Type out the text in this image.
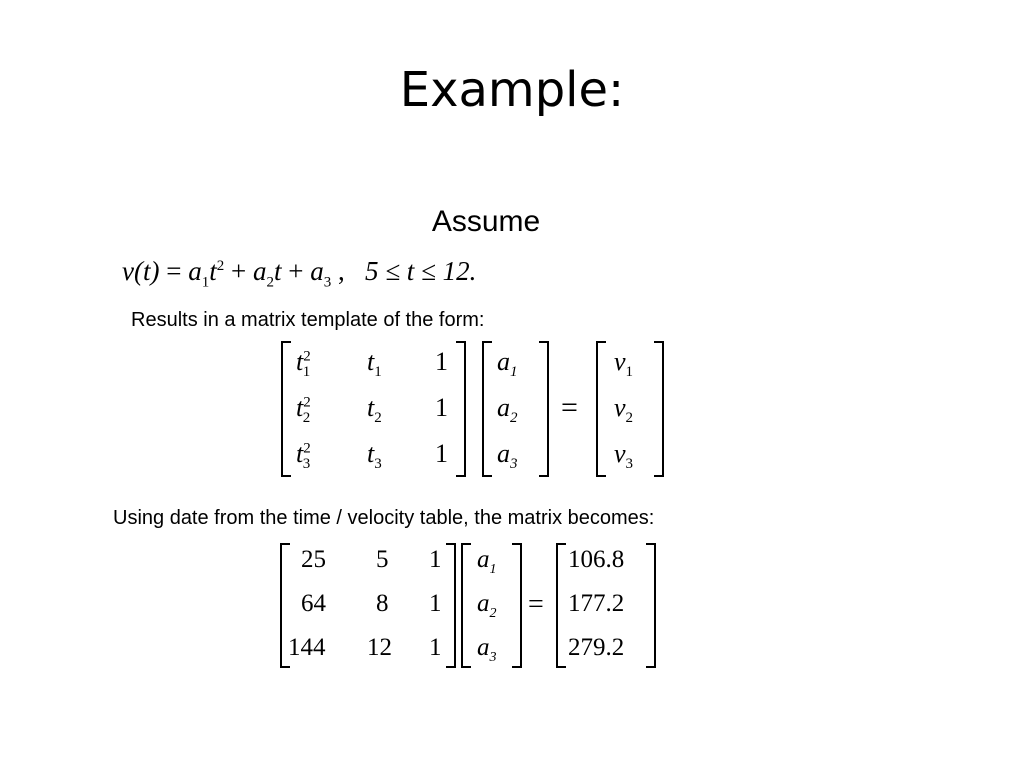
Example:
Assume
$v(t) = a_1t^2 + a_2t + a_3$ , 5 ≤ t ≤ 12.
Results in a matrix template of the form:
$t^2_1$ $t_1$ 1
$t^2_2$ $t_2$ 1
$t^2_3$ $t_3$ 1
$a_1$
$a_2$
$a_3$
=
$v_1$
$v_2$
$v_3$
Using date from the time / velocity table, the matrix becomes:
25 5 1
64 8 1
144 12 1
$a_1$
$a_2$
$a_3$
=
106.8
177.2
279.2
